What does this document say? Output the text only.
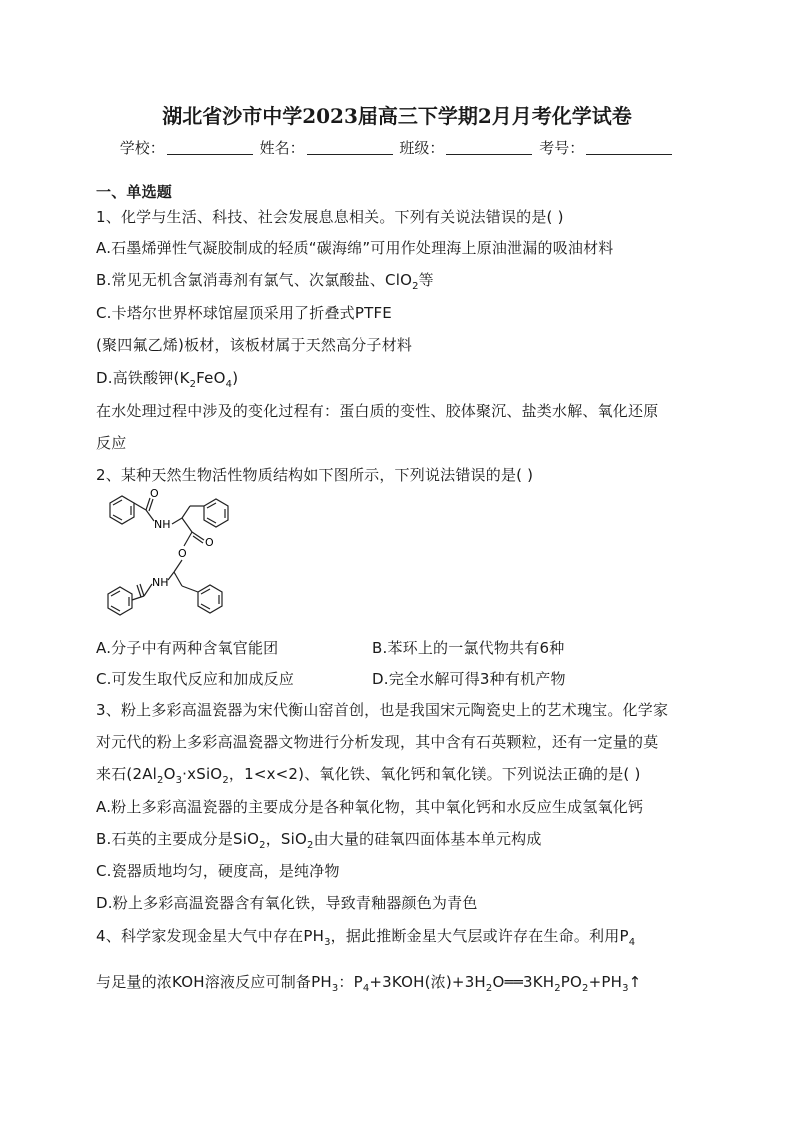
湖北省沙市中学2023届高三下学期2月月考化学试卷
学校：	姓名：	班级：	考号：
一、单选题
1、化学与生活、科技、社会发展息息相关。下列有关说法错误的是( )
A.石墨烯弹性气凝胶制成的轻质“碳海绵”可用作处理海上原油泄漏的吸油材料
B.常见无机含氯消毒剂有氯气、次氯酸盐、ClO$_2$等
C.卡塔尔世界杯球馆屋顶采用了折叠式PTFE
(聚四氟乙烯)板材，该板材属于天然高分子材料
D.高铁酸钾$(K_2FeO_4)$
在水处理过程中涉及的变化过程有：蛋白质的变性、胶体聚沉、盐类水解、氧化还原
反应
2、某种天然生物活性物质结构如下图所示，下列说法错误的是( )
O
NH
O
O
NH
A.分子中有两种含氧官能团	B.苯环上的一氯代物共有6种
C.可发生取代反应和加成反应	D.完全水解可得3种有机产物
3、粉上多彩高温瓷器为宋代衡山窑首创，也是我国宋元陶瓷史上的艺术瑰宝。化学家
对元代的粉上多彩高温瓷器文物进行分析发现，其中含有石英颗粒，还有一定量的莫
来石($2Al_2O_3\cdot xSiO_2$，1<x<2)、氧化铁、氧化钙和氧化镁。下列说法正确的是( )
A.粉上多彩高温瓷器的主要成分是各种氧化物，其中氧化钙和水反应生成氢氧化钙
B.石英的主要成分是SiO$_2$，SiO$_2$由大量的硅氧四面体基本单元构成
C.瓷器质地均匀，硬度高，是纯净物
D.粉上多彩高温瓷器含有氧化铁，导致青釉器颜色为青色
4、科学家发现金星大气中存在$PH_3$，据此推断金星大气层或许存在生命。利用$P_4$
与足量的浓KOH溶液反应可制备$PH_3$：$P_4+3KOH$(浓)$+3H_2O══3KH_2PO_2+PH_3↑$
